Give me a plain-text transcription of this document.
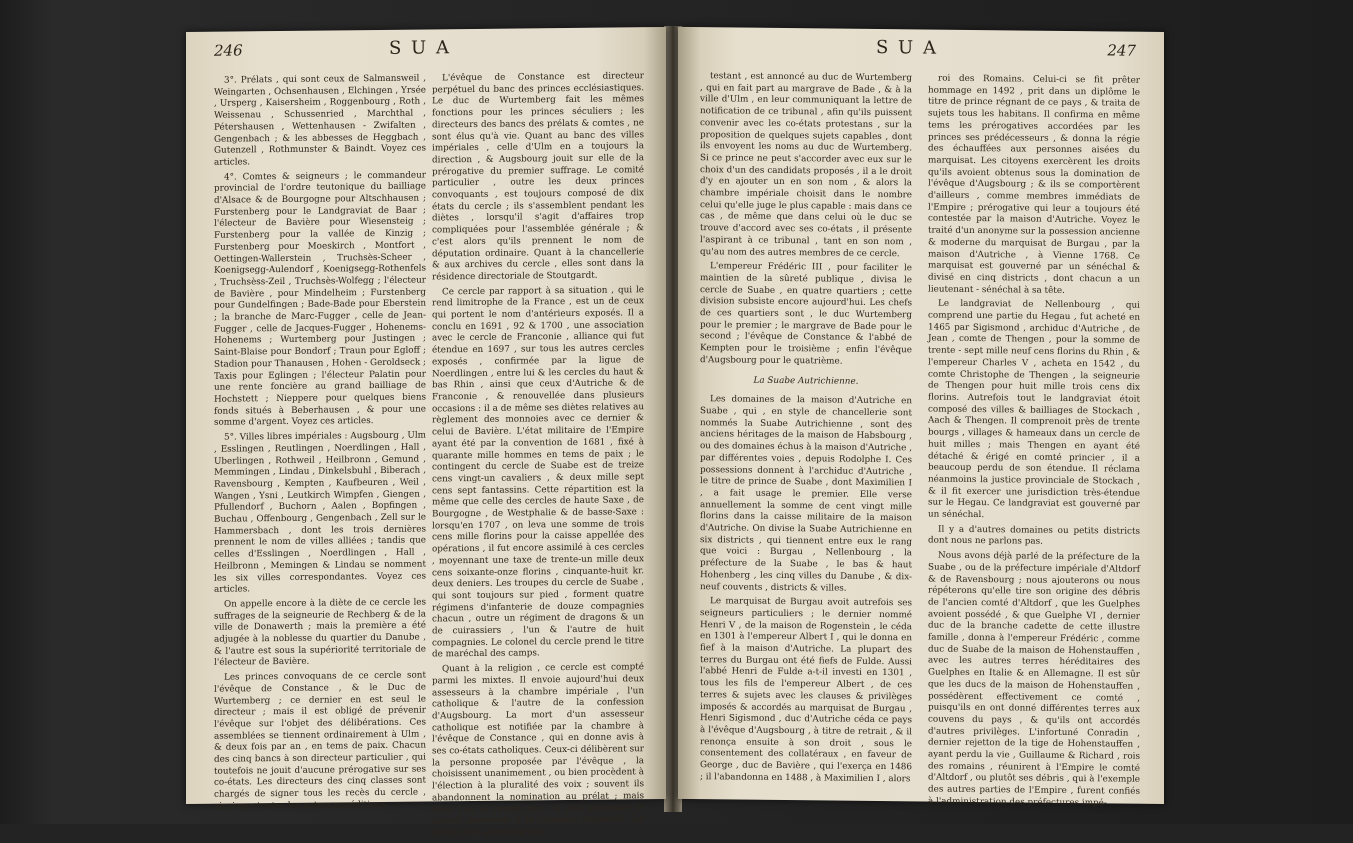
246	S U A

3°. Prélats , qui sont ceux de Salmansweil , Weingarten , Ochsenhausen , Elchingen , Yrsée , Ursperg , Kaisersheim , Roggenbourg , Roth , Weissenau , Schussenried , Marchthal , Pétershausen , Wettenhausen - Zwifalten , Gengenbach ; & les abbesses de Heggbach , Gutenzell , Rothmunster & Baindt. Voyez ces articles.

4°. Comtes & seigneurs ; le commandeur provincial de l'ordre teutonique du bailliage d'Alsace & de Bourgogne pour Altschhausen ; Furstenberg pour le Landgraviat de Baar ; l'électeur de Bavière pour Wiesensteig ; Furstenberg pour la vallée de Kinzig ; Furstenberg pour Moeskirch , Montfort , Oettingen-Wallerstein , Truchsès-Scheer , Koenigsegg-Aulendorf , Koenigsegg-Rothenfels , Truchsèss-Zeil , Truchsès-Wolfegg ; l'électeur de Bavière , pour Mindelheim ; Furstenberg pour Gundelfingen ; Bade-Bade pour Eberstein ; la branche de Marc-Fugger , celle de Jean-Fugger , celle de Jacques-Fugger , Hohenems-Hohenems ; Wurtemberg pour Justingen ; Saint-Blaise pour Bondorf ; Traun pour Egloff ; Stadion pour Thanausen , Hohen - Geroldseck ; Taxis pour Eglingen ; l'électeur Palatin pour une rente foncière au grand bailliage de Hochstett ; Nieppere pour quelques biens fonds situés à Beberhausen , & pour une somme d'argent. Voyez ces articles.

5°. Villes libres impériales : Augsbourg , Ulm , Esslingen , Reutlingen , Noerdlingen , Hall , Uberlingen , Rothweil , Heilbronn , Gemund , Memmingen , Lindau , Dinkelsbuhl , Biberach , Ravensbourg , Kempten , Kaufbeuren , Weil , Wangen , Ysni , Leutkirch Wimpfen , Giengen , Pfullendorf , Buchorn , Aalen , Bopfingen , Buchau , Offenbourg , Gengenbach , Zell sur le Hammersbach , dont les trois dernières prennent le nom de villes alliées ; tandis que celles d'Esslingen , Noerdlingen , Hall , Heilbronn , Memingen & Lindau se nomment les six villes correspondantes. Voyez ces articles.

On appelle encore à la diète de ce cercle les suffrages de la seigneurie de Rechberg & de la ville de Donawerth ; mais la première a été adjugée à la noblesse du quartier du Danube , & l'autre est sous la supériorité territoriale de l'électeur de Bavière.

Les princes convoquans de ce cercle sont l'évêque de Constance , & le Duc de Wurtemberg ; ce dernier en est seul le directeur ; mais il est obligé de prévenir l'évêque sur l'objet des délibérations. Ces assemblées se tiennent ordinairement à Ulm , & deux fois par an , en tems de paix. Chacun des cinq bancs à son directeur particulier , qui toutefois ne jouit d'aucune prérogative sur ses co-états. Les directeurs des cinq classes sont chargés de signer tous les recès du cercle , ainsi que toutes les autres expéditions.

L'évêque de Constance est directeur perpétuel du banc des princes ecclésiastiques. Le duc de Wurtemberg fait les mêmes fonctions pour les princes séculiers ; les directeurs des bancs des prélats & comtes , ne sont élus qu'à vie. Quant au banc des villes impériales , celle d'Ulm en a toujours la direction , & Augsbourg jouit sur elle de la prérogative du premier suffrage. Le comité particulier , outre les deux princes convoquants , est toujours composé de dix états du cercle ; ils s'assemblent pendant les diètes , lorsqu'il s'agit d'affaires trop compliquées pour l'assemblée générale ; & c'est alors qu'ils prennent le nom de députation ordinaire. Quant à la chancellerie & aux archives du cercle , elles sont dans la résidence directoriale de Stoutgardt.

Ce cercle par rapport à sa situation , qui le rend limitrophe de la France , est un de ceux qui portent le nom d'antérieurs exposés. Il a conclu en 1691 , 92 & 1700 , une association avec le cercle de Franconie , alliance qui fut étendue en 1697 , sur tous les autres cercles exposés , confirmée par la ligue de Noerdlingen , entre lui & les cercles du haut & bas Rhin , ainsi que ceux d'Autriche & de Franconie , & renouvellée dans plusieurs occasions : il a de même ses diètes relatives au règlement des monnoies avec ce dernier & celui de Bavière. L'état militaire de l'Empire ayant été par la convention de 1681 , fixé à quarante mille hommes en tems de paix ; le contingent du cercle de Suabe est de treize cens vingt-un cavaliers , & deux mille sept cens sept fantassins. Cette répartition est la même que celle des cercles de haute Saxe , de Bourgogne , de Westphalie & de basse-Saxe : lorsqu'en 1707 , on leva une somme de trois cens mille florins pour la caisse appellée des opérations , il fut encore assimilé à ces cercles , moyennant une taxe de trente-un mille deux cens soixante-onze florins , cinquante-huit kr. deux deniers. Les troupes du cercle de Suabe , qui sont toujours sur pied , forment quatre régimens d'infanterie de douze compagnies chacun , outre un régiment de dragons & un de cuirassiers , l'un & l'autre de huit compagnies. Le colonel du cercle prend le titre de maréchal des camps.

Quant à la religion , ce cercle est compté parmi les mixtes. Il envoie aujourd'hui deux assesseurs à la chambre impériale , l'un catholique & l'autre de la confession d'Augsbourg. La mort d'un assesseur catholique est notifiée par la chambre à l'évêque de Constance , qui en donne avis à ses co-états catholiques. Ceux-ci délibèrent sur la personne proposée par l'évêque , la choisissent unanimement , ou bien procèdent à l'élection à la pluralité des voix ; souvent ils abandonnent la nomination au prélat ; mais dans l'un & l'autre cas , il doit présenter le nouvel assesseur à la chambre impériale. Le décès d'un assesseur pro-

S U A	247

testant , est annoncé au duc de Wurtemberg , qui en fait part au margrave de Bade , & à la ville d'Ulm , en leur communiquant la lettre de notification de ce tribunal , afin qu'ils puissent convenir avec les co-états protestans , sur la proposition de quelques sujets capables , dont ils envoyent les noms au duc de Wurtemberg. Si ce prince ne peut s'accorder avec eux sur le choix d'un des candidats proposés , il a le droit d'y en ajouter un en son nom , & alors la chambre impériale choisit dans le nombre celui qu'elle juge le plus capable : mais dans ce cas , de même que dans celui où le duc se trouve d'accord avec ses co-états , il présente l'aspirant à ce tribunal , tant en son nom , qu'au nom des autres membres de ce cercle.

L'empereur Frédéric III , pour faciliter le maintien de la sûreté publique , divisa le cercle de Suabe , en quatre quartiers ; cette division subsiste encore aujourd'hui. Les chefs de ces quartiers sont , le duc Wurtemberg pour le premier ; le margrave de Bade pour le second ; l'évêque de Constance & l'abbé de Kempten pour le troisième ; enfin l'évêque d'Augsbourg pour le quatrième.

La Suabe Autrichienne.

Les domaines de la maison d'Autriche en Suabe , qui , en style de chancellerie sont nommés la Suabe Autrichienne , sont des anciens héritages de la maison de Habsbourg , ou des domaines échus à la maison d'Autriche , par différentes voies , depuis Rodolphe I. Ces possessions donnent à l'archiduc d'Autriche , le titre de prince de Suabe , dont Maximilien I , a fait usage le premier. Elle verse annuellement la somme de cent vingt mille florins dans la caisse militaire de la maison d'Autriche. On divise la Suabe Autrichienne en six districts , qui tiennent entre eux le rang que voici : Burgau , Nellenbourg , la préfecture de la Suabe , le bas & haut Hohenberg , les cinq villes du Danube , & dix-neuf couvents , districts & villes.

Le marquisat de Burgau avoit autrefois ses seigneurs particuliers ; le dernier nommé Henri V , de la maison de Rogenstein , le céda en 1301 à l'empereur Albert I , qui le donna en fief à la maison d'Autriche. La plupart des terres du Burgau ont été fiefs de Fulde. Aussi l'abbé Henri de Fulde a-t-il investi en 1301 , tous les fils de l'empereur Albert , de ces terres & sujets avec les clauses & privilèges imposés & accordés au marquisat de Burgau , Henri Sigismond , duc d'Autriche céda ce pays à l'évêque d'Augsbourg , à titre de retrait , & il renonça ensuite à son droit , sous le consentement des collatéraux , en faveur de George , duc de Bavière , qui l'exerça en 1486 ; il l'abandonna en 1488 , à Maximilien I , alors

roi des Romains. Celui-ci se fit prêter hommage en 1492 , prit dans un diplôme le titre de prince régnant de ce pays , & traita de sujets tous les habitans. Il confirma en même tems les prérogatives accordées par les princes ses prédécesseurs , & donna la régie des échauffées aux personnes aisées du marquisat. Les citoyens exercèrent les droits qu'ils avoient obtenus sous la domination de l'évêque d'Augsbourg ; & ils se comportèrent d'ailleurs , comme membres immédiats de l'Empire ; prérogative qui leur a toujours été contestée par la maison d'Autriche. Voyez le traité d'un anonyme sur la possession ancienne & moderne du marquisat de Burgau , par la maison d'Autriche , à Vienne 1768. Ce marquisat est gouverné par un sénéchal & divisé en cinq districts , dont chacun a un lieutenant - sénéchal à sa tête.

Le landgraviat de Nellenbourg , qui comprend une partie du Hegau , fut acheté en 1465 par Sigismond , archiduc d'Autriche , de Jean , comte de Thengen , pour la somme de trente - sept mille neuf cens florins du Rhin , & l'empereur Charles V , acheta en 1542 , du comte Christophe de Thengen , la seigneurie de Thengen pour huit mille trois cens dix florins. Autrefois tout le landgraviat étoit composé des villes & bailliages de Stockach , Aach & Thengen. Il comprenoit près de trente bourgs , villages & hameaux dans un cercle de huit milles ; mais Thengen en ayant été détaché & érigé en comté princier , il a beaucoup perdu de son étendue. Il réclama néanmoins la justice provinciale de Stockach , & il fit exercer une jurisdiction très-étendue sur le Hegau. Ce landgraviat est gouverné par un sénéchal.

Il y a d'autres domaines ou petits districts dont nous ne parlons pas.

Nous avons déjà parlé de la préfecture de la Suabe , ou de la préfecture impériale d'Altdorf & de Ravensbourg ; nous ajouterons ou nous répéterons qu'elle tire son origine des débris de l'ancien comté d'Altdorf , que les Guelphes avoient possédé , & que Guelphe VI , dernier duc de la branche cadette de cette illustre famille , donna à l'empereur Frédéric , comme duc de Suabe de la maison de Hohenstauffen , avec les autres terres héréditaires des Guelphes en Italie & en Allemagne. Il est sûr que les ducs de la maison de Hohenstauffen , possédèrent effectivement ce comté , puisqu'ils en ont donné différentes terres aux couvens du pays , & qu'ils ont accordés d'autres privilèges. L'infortuné Conradin , dernier rejetton de la tige de Hohenstauffen , ayant perdu la vie , Guillaume & Richard , rois des romains , réunirent à l'Empire le comté d'Altdorf , ou plutôt ses débris , qui à l'exemple des autres parties de l'Empire , furent confiés à l'administration des préfectures impé-
